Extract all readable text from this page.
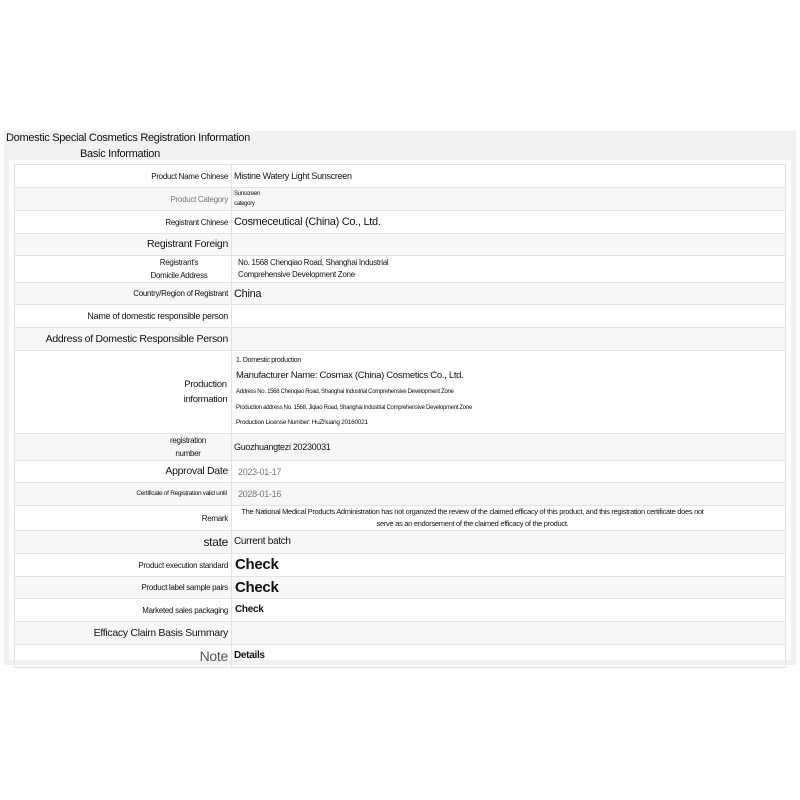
Domestic Special Cosmetics Registration Information
Basic Information
Product Name Chinese	Mistine Watery Light Sunscreen
Product Category	Sunscreen category

Registrant Chinese	Cosmeceutical (China) Co., Ltd.
Registrant Foreign	
Registrant's Domicile Address	No. 1568 Chenqiao Road, Shanghai Industrial Comprehensive Development Zone

Country/Region of Registrant	China
Name of domestic responsible person	
Address of Domestic Responsible Person	
Production information	1. Domestic production
Manufacturer Name: Cosmax (China) Cosmetics Co., Ltd.
Address No. 1568 Chenqiao Road, Shanghai Industrial Comprehensive Development Zone
Production address No. 1568, Jiqiao Road, Shanghai Industrial Comprehensive Development Zone
Production License Number: HuZhuang 20160021

registration number	Guozhuangtezi 20230031
Approval Date	2023-01-17
Certificate of Registration valid until	2028-01-16
Remark	The National Medical Products Administration has not organized the review of the claimed efficacy of this product, and this registration certificate does not serve as an endorsement of the claimed efficacy of the product.
state	Current batch
Product execution standard	Check
Product label sample pairs	Check
Marketed sales packaging	Check
Efficacy Claim Basis Summary	
Note	Details
